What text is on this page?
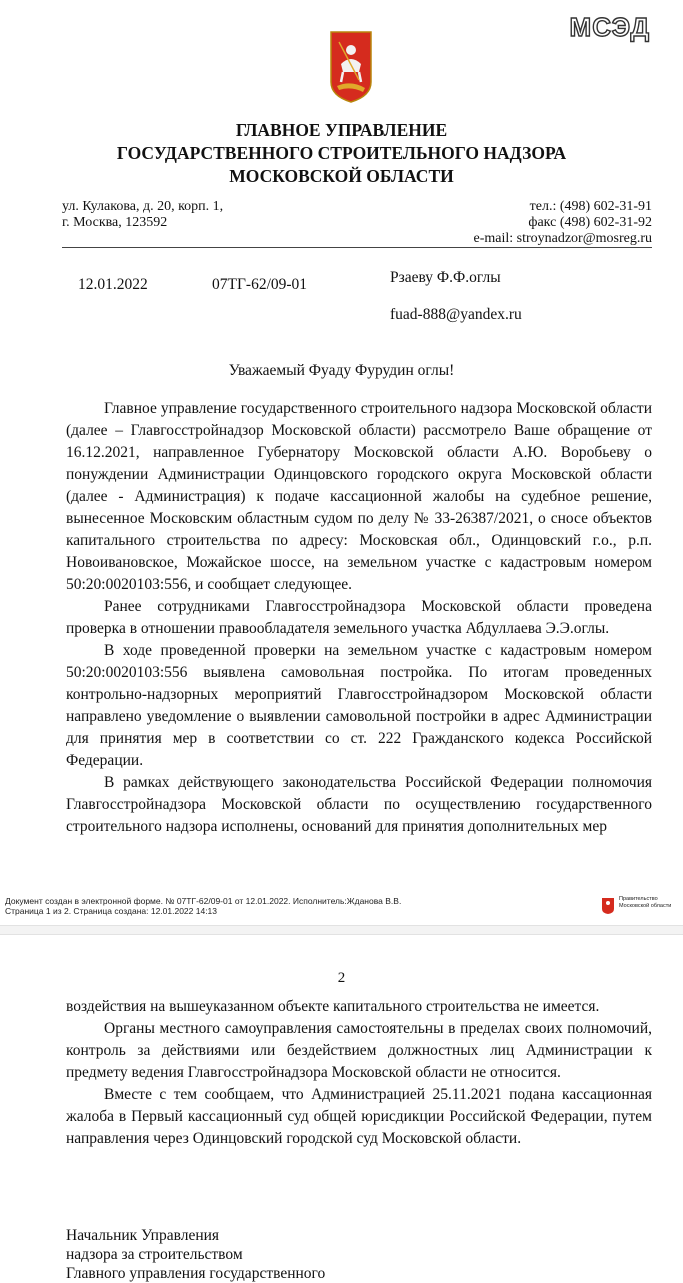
МСЭД
ГЛАВНОЕ УПРАВЛЕНИЕ
ГОСУДАРСТВЕННОГО СТРОИТЕЛЬНОГО НАДЗОРА
МОСКОВСКОЙ ОБЛАСТИ
ул. Кулакова, д. 20, корп. 1,
г. Москва, 123592
тел.: (498) 602-31-91
факс (498) 602-31-92
e-mail: stroynadzor@mosreg.ru
12.01.2022	07ТГ-62/09-01	Рзаеву Ф.Ф.оглы
fuad-888@yandex.ru
Уважаемый Фуаду Фурудин оглы!

Главное управление государственного строительного надзора Московской области (далее – Главгосстройнадзор Московской области) рассмотрело Ваше обращение от 16.12.2021, направленное Губернатору Московской области А.Ю. Воробьеву о понуждении Администрации Одинцовского городского округа Московской области (далее - Администрация) к подаче кассационной жалобы на судебное решение, вынесенное Московским областным судом по делу № 33-26387/2021, о сносе объектов капитального строительства по адресу: Московская обл., Одинцовский г.о., р.п. Новоивановское, Можайское шоссе, на земельном участке с кадастровым номером 50:20:0020103:556, и сообщает следующее.

Ранее сотрудниками Главгосстройнадзора Московской области проведена проверка в отношении правообладателя земельного участка Абдуллаева Э.Э.оглы.

В ходе проведенной проверки на земельном участке с кадастровым номером 50:20:0020103:556 выявлена самовольная постройка. По итогам проведенных контрольно-надзорных мероприятий Главгосстройнадзором Московской области направлено уведомление о выявлении самовольной постройки в адрес Администрации для принятия мер в соответствии со ст. 222 Гражданского кодекса Российской Федерации.

В рамках действующего законодательства Российской Федерации полномочия Главгосстройнадзора Московской области по осуществлению государственного строительного надзора исполнены, оснований для принятия дополнительных мер

Документ создан в электронной форме. № 07ТГ-62/09-01 от 12.01.2022. Исполнитель:Жданова В.В.
Страница 1 из 2. Страница создана: 12.01.2022 14:13
Правительство
Московской области
2

воздействия на вышеуказанном объекте капитального строительства не имеется.

Органы местного самоуправления самостоятельны в пределах своих полномочий, контроль за действиями или бездействием должностных лиц Администрации к предмету ведения Главгосстройнадзора Московской области не относится.

Вместе с тем сообщаем, что Администрацией 25.11.2021 подана кассационная жалоба в Первый кассационный суд общей юрисдикции Российской Федерации, путем направления через Одинцовский городской суд Московской области.

Начальник Управления
надзора за строительством
Главного управления государственного
